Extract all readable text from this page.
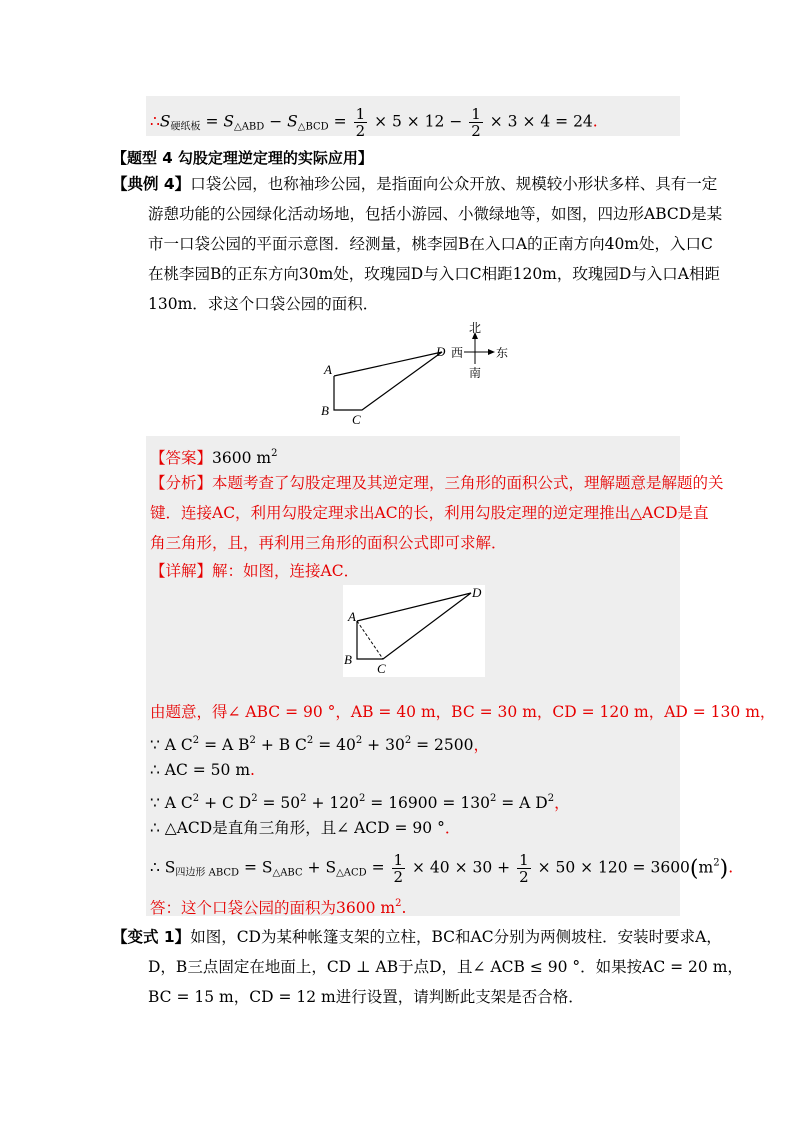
$\therefore S_{硬纸板} = S_{\triangle ABD} - S_{\triangle BCD} = \frac{1}{2} \times 5 \times 12 - \frac{1}{2} \times 3 \times 4 = 24$.
【题型 4 勾股定理逆定理的实际应用】
【典例 4】口袋公园，也称袖珍公园，是指面向公众开放、规模较小形状多样、具有一定
游憩功能的公园绿化活动场地，包括小游园、小微绿地等，如图，四边形ABCD是某
市一口袋公园的平面示意图．经测量，桃李园B在入口A的正南方向40m处，入口C
在桃李园B的正东方向30m处，玫瑰园D与入口C相距120m，玫瑰园D与入口A相距
130m．求这个口袋公园的面积．
A
B
C
D
北
西	东
南
【答案】3600 $m^2$
【分析】本题考查了勾股定理及其逆定理，三角形的面积公式，理解题意是解题的关
键．连接AC，利用勾股定理求出AC的长，利用勾股定理的逆定理推出△ACD是直
角三角形，且，再利用三角形的面积公式即可求解．
【详解】解：如图，连接AC．
A
B
C
D
由题意，得∠ ABC = 90 °，AB = 40 m，BC = 30 m，CD = 120 m，AD = 130 m，
∵ A $C^2 = A$ $B^2 + B$ $C^2 = 40^2 + 30^2 = 2500$，
∴ AC = 50 m.
∵ A $C^2 + C$ $D^2 = 50^2 + 120^2 = 16900 = 130^2 = A$ $D^2$，
∴ △ACD是直角三角形，且∠ ACD = 90 °．
∴ $S_{四边形 ABCD} = S_{\triangle ABC} + S_{\triangle ACD} = \frac{1}{2} \times 40 \times 30 + \frac{1}{2} \times 50 \times 120 = 3600(m^2)$.
答：这个口袋公园的面积为3600 $m^2$.
【变式 1】如图，CD为某种帐篷支架的立柱，BC和AC分别为两侧坡柱．安装时要求A，
D，B三点固定在地面上，CD ⊥ AB于点D，且∠ ACB ≤ 90 °．如果按AC = 20 m，
BC = 15 m，CD = 12 m进行设置，请判断此支架是否合格．
